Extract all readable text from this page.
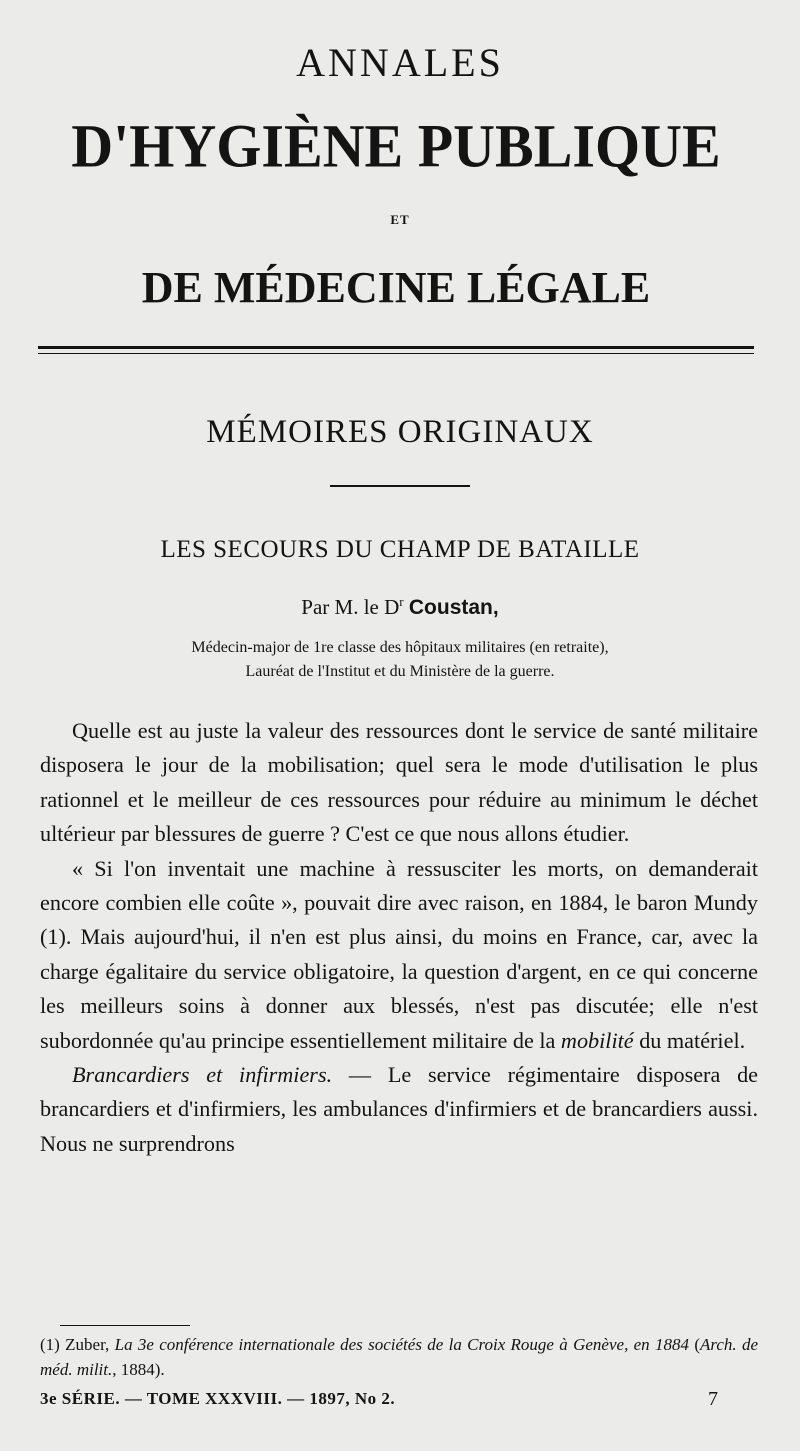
ANNALES
D'HYGIÈNE PUBLIQUE
ET
DE MÉDECINE LÉGALE
MÉMOIRES ORIGINAUX
LES SECOURS DU CHAMP DE BATAILLE
Par M. le $D^r$ Coustan,
Médecin-major de 1re classe des hôpitaux militaires (en retraite),
Lauréat de l'Institut et du Ministère de la guerre.

Quelle est au juste la valeur des ressources dont le service de santé militaire disposera le jour de la mobilisation; quel sera le mode d'utilisation le plus rationnel et le meilleur de ces ressources pour réduire au minimum le déchet ultérieur par blessures de guerre ? C'est ce que nous allons étudier.

« Si l'on inventait une machine à ressusciter les morts, on demanderait encore combien elle coûte », pouvait dire avec raison, en 1884, le baron Mundy (1). Mais aujourd'hui, il n'en est plus ainsi, du moins en France, car, avec la charge égalitaire du service obligatoire, la question d'argent, en ce qui concerne les meilleurs soins à donner aux blessés, n'est pas discutée; elle n'est subordonnée qu'au principe essentiellement militaire de la mobilité du matériel.

Brancardiers et infirmiers. — Le service régimentaire disposera de brancardiers et d'infirmiers, les ambulances d'infirmiers et de brancardiers aussi. Nous ne surprendrons

(1) Zuber, La 3e conférence internationale des sociétés de la Croix Rouge à Genève, en 1884 (Arch. de méd. milit., 1884).
3e SÉRIE. — TOME XXXVIII. — 1897, No 2.	7
